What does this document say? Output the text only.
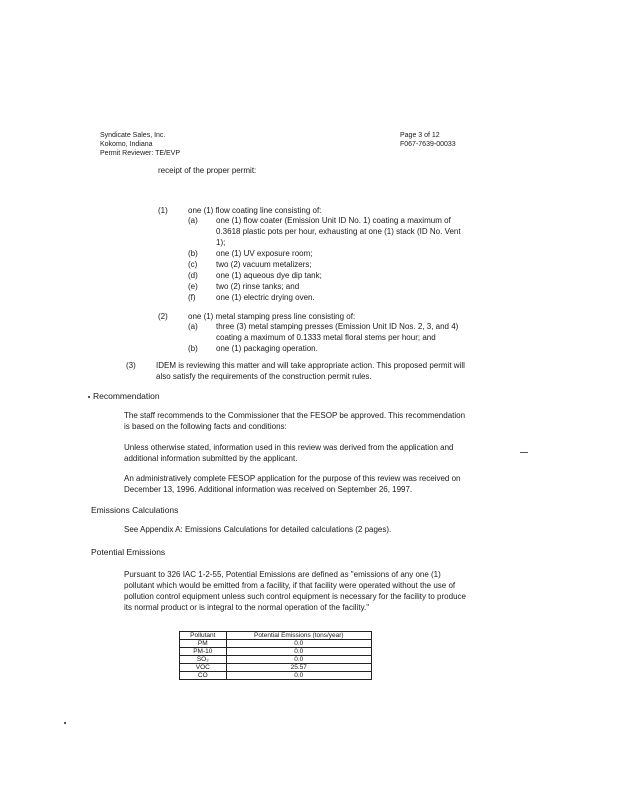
Syndicate Sales, Inc.
Kokomo, Indiana
Permit Reviewer: TE/EVP
Page 3 of 12
F067-7639-00033
receipt of the proper permit:
(1)	one (1) flow coating line consisting of:
(a) one (1) flow coater (Emission Unit ID No. 1) coating a maximum of
0.3618 plastic pots per hour, exhausting at one (1) stack (ID No. Vent
1);
(b) one (1) UV exposure room;
(c) two (2) vacuum metalizers;
(d) one (1) aqueous dye dip tank;
(e) two (2) rinse tanks; and
(f)	one (1) electric drying oven.
(2)	one (1) metal stamping press line consisting of:
(a) three (3) metal stamping presses (Emission Unit ID Nos. 2, 3, and 4)
coating a maximum of 0.1333 metal floral stems per hour; and
(b) one (1) packaging operation.
(3)	IDEM is reviewing this matter and will take appropriate action. This proposed permit will
also satisfy the requirements of the construction permit rules.
Recommendation
The staff recommends to the Commissioner that the FESOP be approved. This recommendation
is based on the following facts and conditions:
Unless otherwise stated, information used in this review was derived from the application and
additional information submitted by the applicant.
An administratively complete FESOP application for the purpose of this review was received on
December 13, 1996. Additional information was received on September 26, 1997.
Emissions Calculations
See Appendix A: Emissions Calculations for detailed calculations (2 pages).
Potential Emissions
Pursuant to 326 IAC 1-2-55, Potential Emissions are defined as "emissions of any one (1)
pollutant which would be emitted from a facility, if that facility were operated without the use of
pollution control equipment unless such control equipment is necessary for the facility to produce
its normal product or is integral to the normal operation of the facility."
Pollutant	Potential Emissions (tons/year)
PM	0.0
PM-10	0.0
SO₂	0.0
VOC	25.57
CO	0.0
